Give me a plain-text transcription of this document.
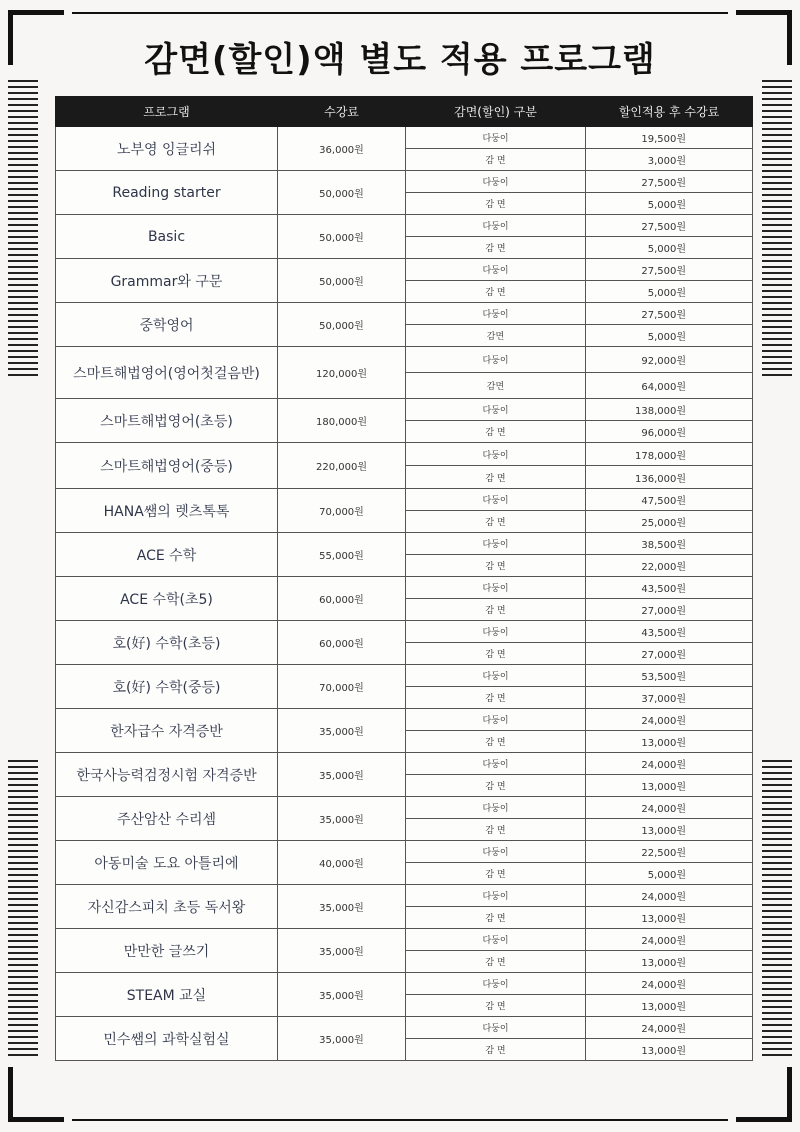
감면(할인)액 별도 적용 프로그램
프로그램	수강료	감면(할인) 구분	할인적용 후 수강료
노부영 잉글리쉬	36,000원	다둥이	19,500원
		감 면	3,000원
Reading starter	50,000원	다둥이	27,500원
		감 면	5,000원
Basic	50,000원	다둥이	27,500원
		감 면	5,000원
Grammar와 구문	50,000원	다둥이	27,500원
		감 면	5,000원
중학영어	50,000원	다둥이	27,500원
		감면	5,000원
스마트해법영어(영어첫걸음반)	120,000원	다둥이	92,000원
		감면	64,000원
스마트해법영어(초등)	180,000원	다둥이	138,000원
		감 면	96,000원
스마트해법영어(중등)	220,000원	다둥이	178,000원
		감 면	136,000원
HANA쌤의 렛츠톡톡	70,000원	다둥이	47,500원
		감 면	25,000원
ACE 수학	55,000원	다둥이	38,500원
		감 면	22,000원
ACE 수학(초5)	60,000원	다둥이	43,500원
		감 면	27,000원
호(好) 수학(초등)	60,000원	다둥이	43,500원
		감 면	27,000원
호(好) 수학(중등)	70,000원	다둥이	53,500원
		감 면	37,000원
한자급수 자격증반	35,000원	다둥이	24,000원
		감 면	13,000원
한국사능력검정시험 자격증반	35,000원	다둥이	24,000원
		감 면	13,000원
주산암산 수리셈	35,000원	다둥이	24,000원
		감 면	13,000원
아동미술 도요 아틀리에	40,000원	다둥이	22,500원
		감 면	5,000원
자신감스피치 초등 독서왕	35,000원	다둥이	24,000원
		감 면	13,000원
만만한 글쓰기	35,000원	다둥이	24,000원
		감 면	13,000원
STEAM 교실	35,000원	다둥이	24,000원
		감 면	13,000원
민수쌤의 과학실험실	35,000원	다둥이	24,000원
		감 면	13,000원
